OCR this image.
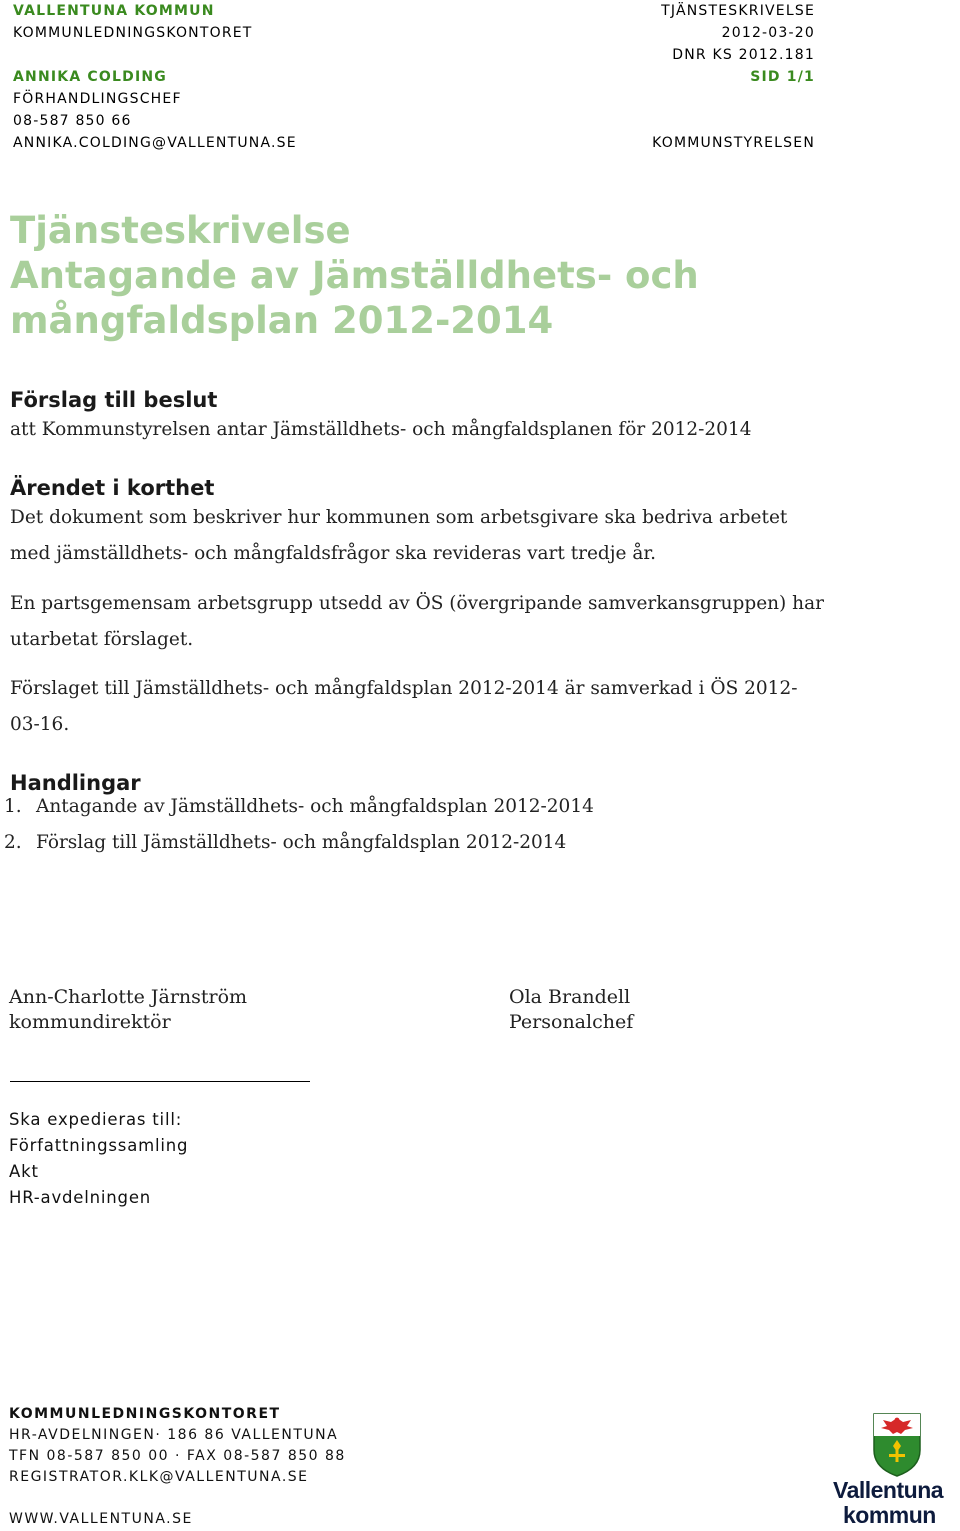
VALLENTUNA KOMMUN
KOMMUNLEDNINGSKONTORET
ANNIKA COLDING
FÖRHANDLINGSCHEF
08-587 850 66
ANNIKA.COLDING@VALLENTUNA.SE
TJÄNSTESKRIVELSE
2012-03-20
DNR KS 2012.181
SID 1/1
KOMMUNSTYRELSEN
Tjänsteskrivelse
Antagande av Jämställdhets- och
mångfaldsplan 2012-2014
Förslag till beslut
att Kommunstyrelsen antar Jämställdhets- och mångfaldsplanen för 2012-2014
Ärendet i korthet
Det dokument som beskriver hur kommunen som arbetsgivare ska bedriva arbetet
med jämställdhets- och mångfaldsfrågor ska revideras vart tredje år.
En partsgemensam arbetsgrupp utsedd av ÖS (övergripande samverkansgruppen) har
utarbetat förslaget.
Förslaget till Jämställdhets- och mångfaldsplan 2012-2014 är samverkad i ÖS 2012-
03-16.
Handlingar
1. Antagande av Jämställdhets- och mångfaldsplan 2012-2014
2. Förslag till Jämställdhets- och mångfaldsplan 2012-2014
Ann-Charlotte Järnström
kommundirektör
Ola Brandell
Personalchef
Ska expedieras till:
Författningssamling
Akt
HR-avdelningen
KOMMUNLEDNINGSKONTORET
HR-AVDELNINGEN· 186 86 VALLENTUNA
TFN 08-587 850 00 · FAX 08-587 850 88
REGISTRATOR.KLK@VALLENTUNA.SE
WWW.VALLENTUNA.SE
Vallentuna
kommun
